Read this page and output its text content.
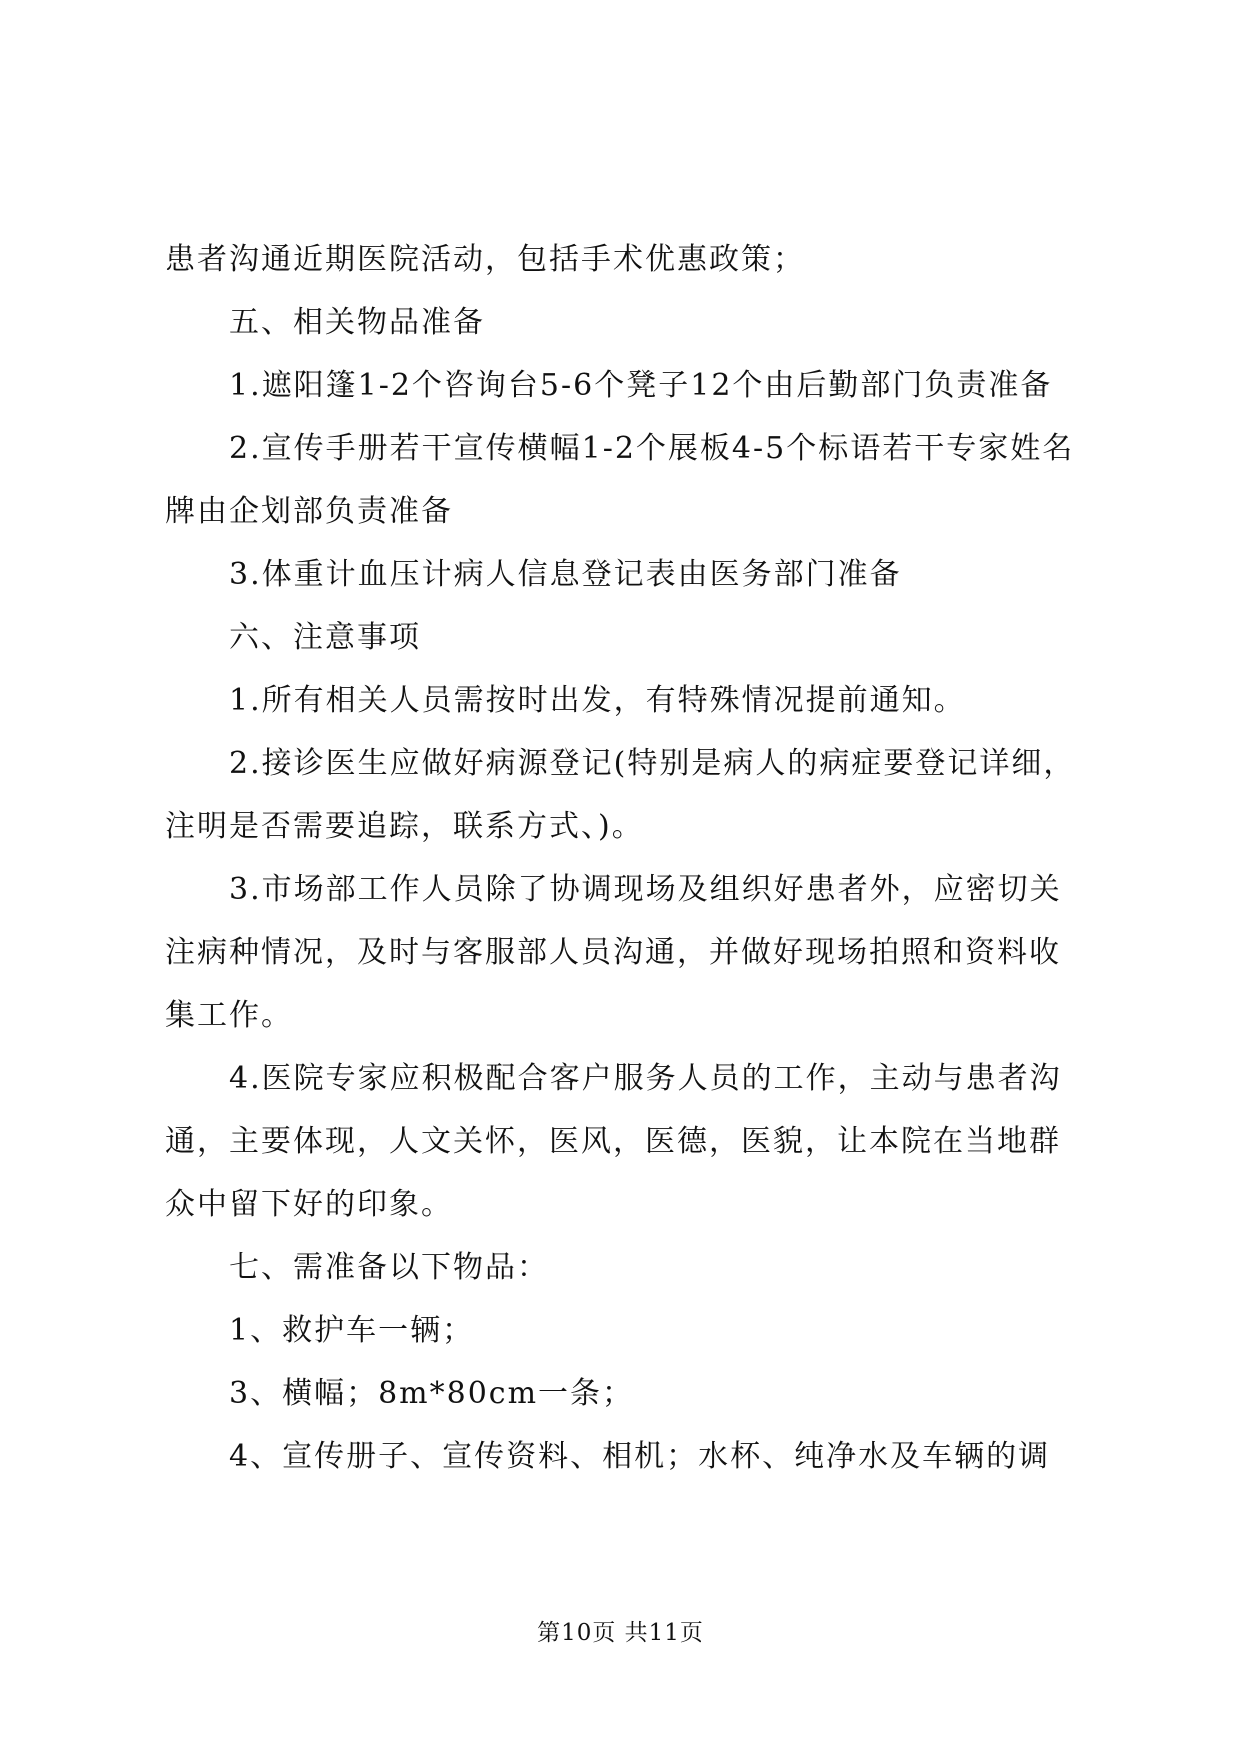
患者沟通近期医院活动，包括手术优惠政策；

五、相关物品准备

1.遮阳篷1-2个咨询台5-6个凳子12个由后勤部门负责准备

2.宣传手册若干宣传横幅1-2个展板4-5个标语若干专家姓名牌由企划部负责准备

3.体重计血压计病人信息登记表由医务部门准备

六、注意事项

1.所有相关人员需按时出发，有特殊情况提前通知。

2.接诊医生应做好病源登记(特别是病人的病症要登记详细，注明是否需要追踪，联系方式、)。

3.市场部工作人员除了协调现场及组织好患者外，应密切关注病种情况，及时与客服部人员沟通，并做好现场拍照和资料收集工作。

4.医院专家应积极配合客户服务人员的工作，主动与患者沟通，主要体现，人文关怀，医风，医德，医貌，让本院在当地群众中留下好的印象。

七、需准备以下物品：

1、救护车一辆；

3、横幅；8m*80cm一条；

4、宣传册子、宣传资料、相机；水杯、纯净水及车辆的调

第10页 共11页
